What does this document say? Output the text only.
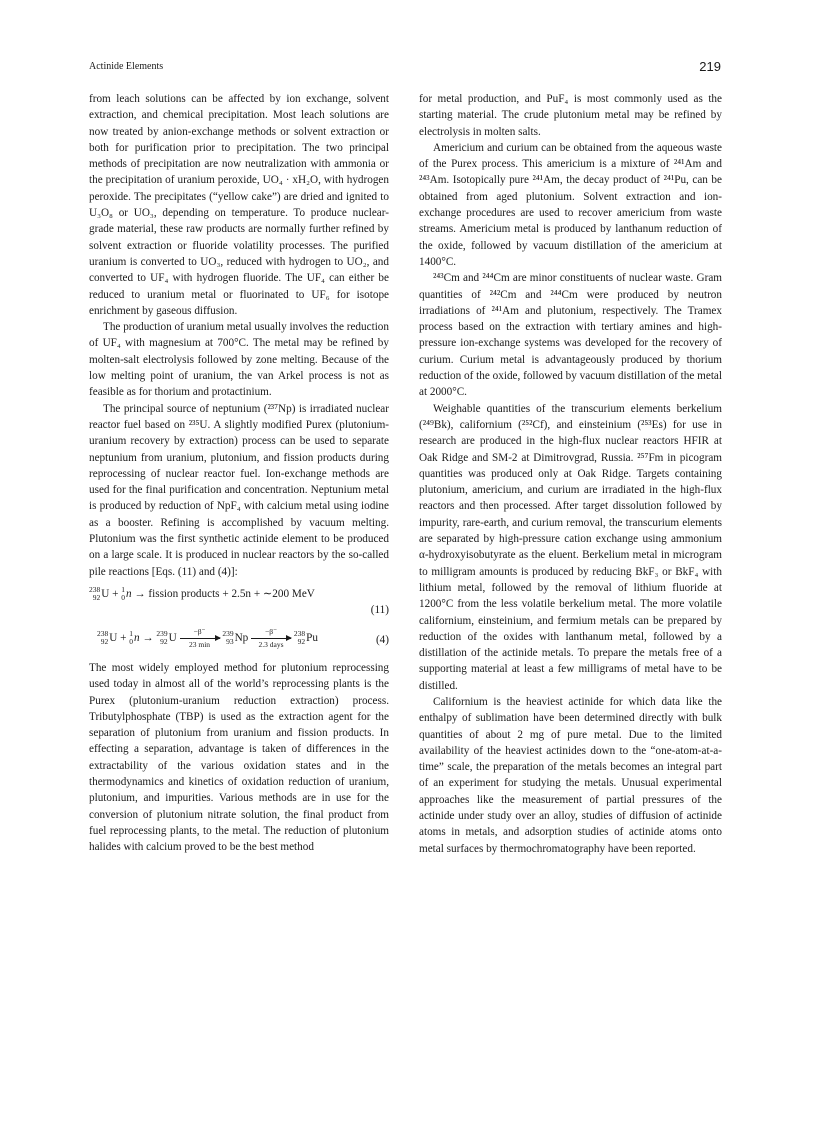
Actinide Elements	219

from leach solutions can be affected by ion exchange, solvent extraction, and chemical precipitation. Most leach solutions are now treated by anion-exchange methods or solvent extraction or both for purification prior to precipitation. The two principal methods of precipitation are now neutralization with ammonia or the precipitation of uranium peroxide, UO₄ · xH₂O, with hydrogen peroxide. The precipitates (“yellow cake”) are dried and ignited to U₃O₈ or UO₃, depending on temperature. To produce nuclear-grade material, these raw products are normally further refined by solvent extraction or fluoride volatility processes. The purified uranium is converted to UO₃, reduced with hydrogen to UO₂, and converted to UF₄ with hydrogen fluoride. The UF₄ can either be reduced to uranium metal or fluorinated to UF₆ for isotope enrichment by gaseous diffusion.

The production of uranium metal usually involves the reduction of UF₄ with magnesium at 700°C. The metal may be refined by molten-salt electrolysis followed by zone melting. Because of the low melting point of uranium, the van Arkel process is not as feasible as for thorium and protactinium.

The principal source of neptunium (²³⁷Np) is irradiated nuclear reactor fuel based on ²³⁵U. A slightly modified Purex (plutonium-uranium recovery by extraction) process can be used to separate neptunium from uranium, plutonium, and fission products during reprocessing of nuclear reactor fuel. Ion-exchange methods are used for the final purification and concentration. Neptunium metal is produced by reduction of NpF₄ with calcium metal using iodine as a booster. Refining is accomplished by vacuum melting. Plutonium was the first synthetic actinide element to be produced on a large scale. It is produced in nuclear reactors by the so-called pile reactions [Eqs. (11) and (4)]:

238
92U + 1
0n → fission products + 2.5n + ∼200 MeV
(11)
238
92U + 1
0n → 239
92U
−β⁻
23 min
239
93Np
−β⁻
2.3 days
238
92Pu	(4)

The most widely employed method for plutonium reprocessing used today in almost all of the world’s reprocessing plants is the Purex (plutonium-uranium reduction extraction) process. Tributylphosphate (TBP) is used as the extraction agent for the separation of plutonium from uranium and fission products. In effecting a separation, advantage is taken of differences in the extractability of the various oxidation states and in the thermodynamics and kinetics of oxidation reduction of uranium, plutonium, and impurities. Various methods are in use for the conversion of plutonium nitrate solution, the final product from fuel reprocessing plants, to the metal. The reduction of plutonium halides with calcium proved to be the best method

for metal production, and PuF₄ is most commonly used as the starting material. The crude plutonium metal may be refined by electrolysis in molten salts.

Americium and curium can be obtained from the aqueous waste of the Purex process. This americium is a mixture of ²⁴¹Am and ²⁴³Am. Isotopically pure ²⁴¹Am, the decay product of ²⁴¹Pu, can be obtained from aged plutonium. Solvent extraction and ion-exchange procedures are used to recover americium from waste streams. Americium metal is produced by lanthanum reduction of the oxide, followed by vacuum distillation of the americium at 1400°C.

²⁴³Cm and ²⁴⁴Cm are minor constituents of nuclear waste. Gram quantities of ²⁴²Cm and ²⁴⁴Cm were produced by neutron irradiations of ²⁴¹Am and plutonium, respectively. The Tramex process based on the extraction with tertiary amines and high-pressure ion-exchange systems was developed for the recovery of curium. Curium metal is advantageously produced by thorium reduction of the oxide, followed by vacuum distillation of the metal at 2000°C.

Weighable quantities of the transcurium elements berkelium (²⁴⁹Bk), californium (²⁵²Cf), and einsteinium (²⁵³Es) for use in research are produced in the high-flux nuclear reactors HFIR at Oak Ridge and SM-2 at Dimitrovgrad, Russia. ²⁵⁷Fm in picogram quantities was produced only at Oak Ridge. Targets containing plutonium, americium, and curium are irradiated in the high-flux reactors and then processed. After target dissolution followed by impurity, rare-earth, and curium removal, the transcurium elements are separated by high-pressure cation exchange using ammonium α-hydroxyisobutyrate as the eluent. Berkelium metal in microgram to milligram amounts is produced by reducing BkF₃ or BkF₄ with lithium metal, followed by the removal of lithium fluoride at 1200°C from the less volatile berkelium metal. The more volatile californium, einsteinium, and fermium metals can be prepared by reduction of the oxides with lanthanum metal, followed by a distillation of the actinide metals. To prepare the metals free of a supporting material at least a few milligrams of metal have to be distilled.

Californium is the heaviest actinide for which data like the enthalpy of sublimation have been determined directly with bulk quantities of about 2 mg of pure metal. Due to the limited availability of the heaviest actinides down to the “one-atom-at-a-time” scale, the preparation of the metals becomes an integral part of an experiment for studying the metals. Unusual experimental approaches like the measurement of partial pressures of the actinide under study over an alloy, studies of diffusion of actinide atoms in metals, and adsorption studies of actinide atoms onto metal surfaces by thermochromatography have been reported.
